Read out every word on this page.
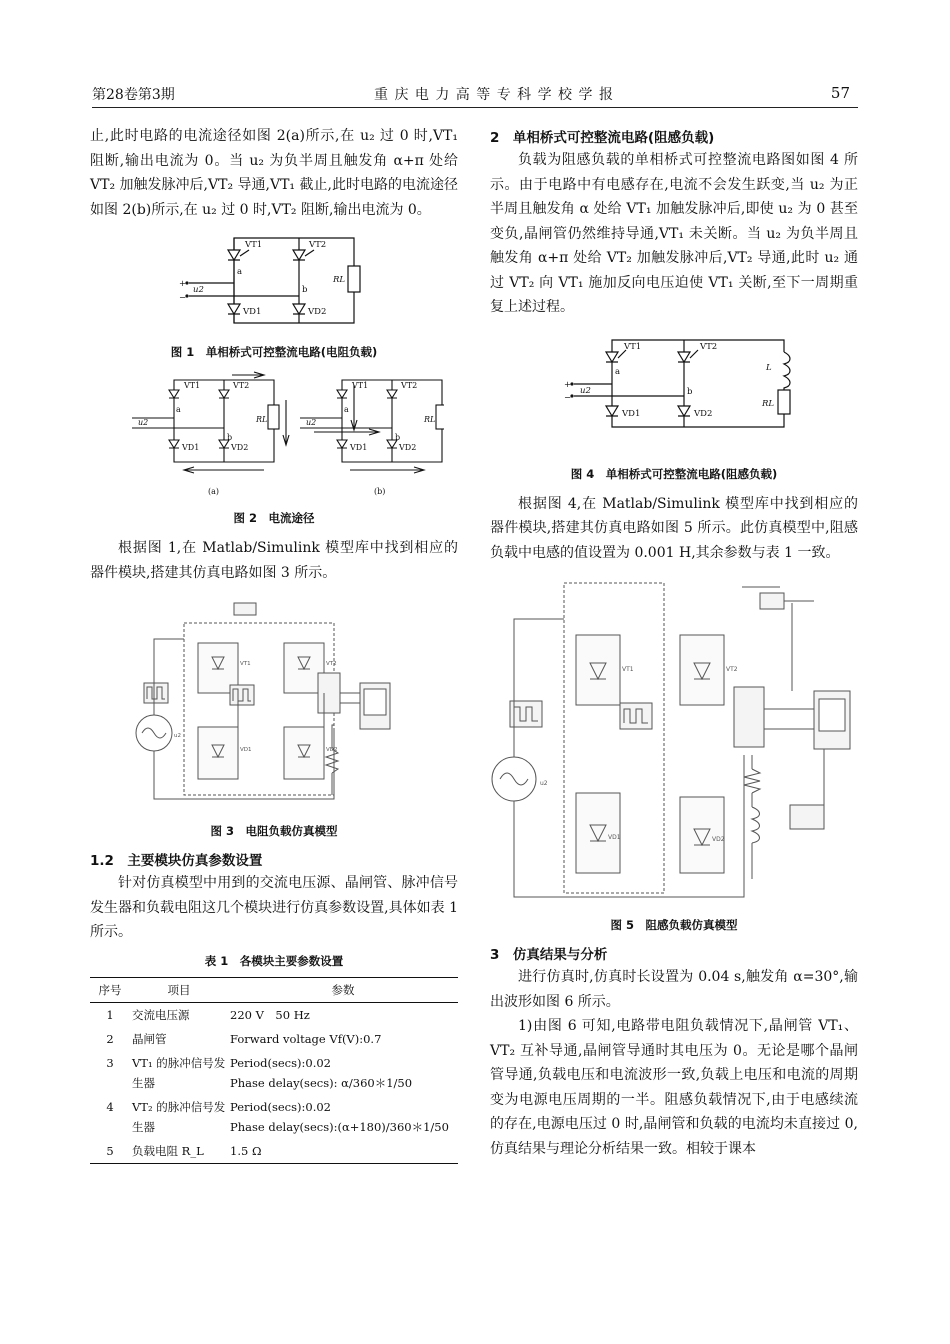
第28卷第3期	重 庆 电 力 高 等 专 科 学 校 学 报	57

止,此时电路的电流途径如图 2(a)所示,在 u₂ 过 0 时,VT₁ 阻断,输出电流为 0。当 u₂ 为负半周且触发角 α+π 处给 VT₂ 加触发脉冲后,VT₂ 导通,VT₁ 截止,此时电路的电流途径如图 2(b)所示,在 u₂ 过 0 时,VT₂ 阻断,输出电流为 0。

+
−
u2
VT1	VT2
VD1	VD2
a
b
RL
图 1　单相桥式可控整流电路(电阻负载)
VT1	VT2
VD1	VD2
a
b
RL
u2
VT1	VT2
VD1	VD2
a
b
RL
u2
(a)	(b)
图 2　电流途径

根据图 1,在 Matlab/Simulink 模型库中找到相应的器件模块,搭建其仿真电路如图 3 所示。

VT1	VT2
VD1	VD2
u2
图 3　电阻负载仿真模型
1.2　主要模块仿真参数设置

针对仿真模型中用到的交流电压源、晶闸管、脉冲信号发生器和负载电阻这几个模块进行仿真参数设置,具体如表 1 所示。

表 1　各模块主要参数设置
序号	项目	参数
1	交流电压源	220 V　50 Hz
2	晶闸管	Forward voltage Vf(V):0.7
3	VT₁ 的脉冲信号发生器	Period(secs):0.02
Phase delay(secs): α/360＊1/50

4	VT₂ 的脉冲信号发生器	Period(secs):0.02
Phase delay(secs):(α+180)/360＊1/50

5	负载电阻 R_L	1.5 Ω
2　单相桥式可控整流电路(阻感负载)

负载为阻感负载的单相桥式可控整流电路图如图 4 所示。由于电路中有电感存在,电流不会发生跃变,当 u₂ 为正半周且触发角 α 处给 VT₁ 加触发脉冲后,即使 u₂ 为 0 甚至变负,晶闸管仍然维持导通,VT₁ 未关断。当 u₂ 为负半周且触发角 α+π 处给 VT₂ 加触发脉冲后,VT₂ 导通,此时 u₂ 通过 VT₂ 向 VT₁ 施加反向电压迫使 VT₁ 关断,至下一周期重复上述过程。

+
−
u2
VT1	VT2
VD1	VD2
a
b
L
RL
图 4　单相桥式可控整流电路(阻感负载)

根据图 4,在 Matlab/Simulink 模型库中找到相应的器件模块,搭建其仿真电路如图 5 所示。此仿真模型中,阻感负载中电感的值设置为 0.001 H,其余参数与表 1 一致。

VT1	VT2
VD1	VD2
u2
图 5　阻感负载仿真模型
3　仿真结果与分析

进行仿真时,仿真时长设置为 0.04 s,触发角 α=30°,输出波形如图 6 所示。

1)由图 6 可知,电路带电阻负载情况下,晶闸管 VT₁、VT₂ 互补导通,晶闸管导通时其电压为 0。无论是哪个晶闸管导通,负载电压和电流波形一致,负载上电压和电流的周期变为电源电压周期的一半。阻感负载情况下,由于电感续流的存在,电源电压过 0 时,晶闸管和负载的电流均未直接过 0,仿真结果与理论分析结果一致。相较于课本
